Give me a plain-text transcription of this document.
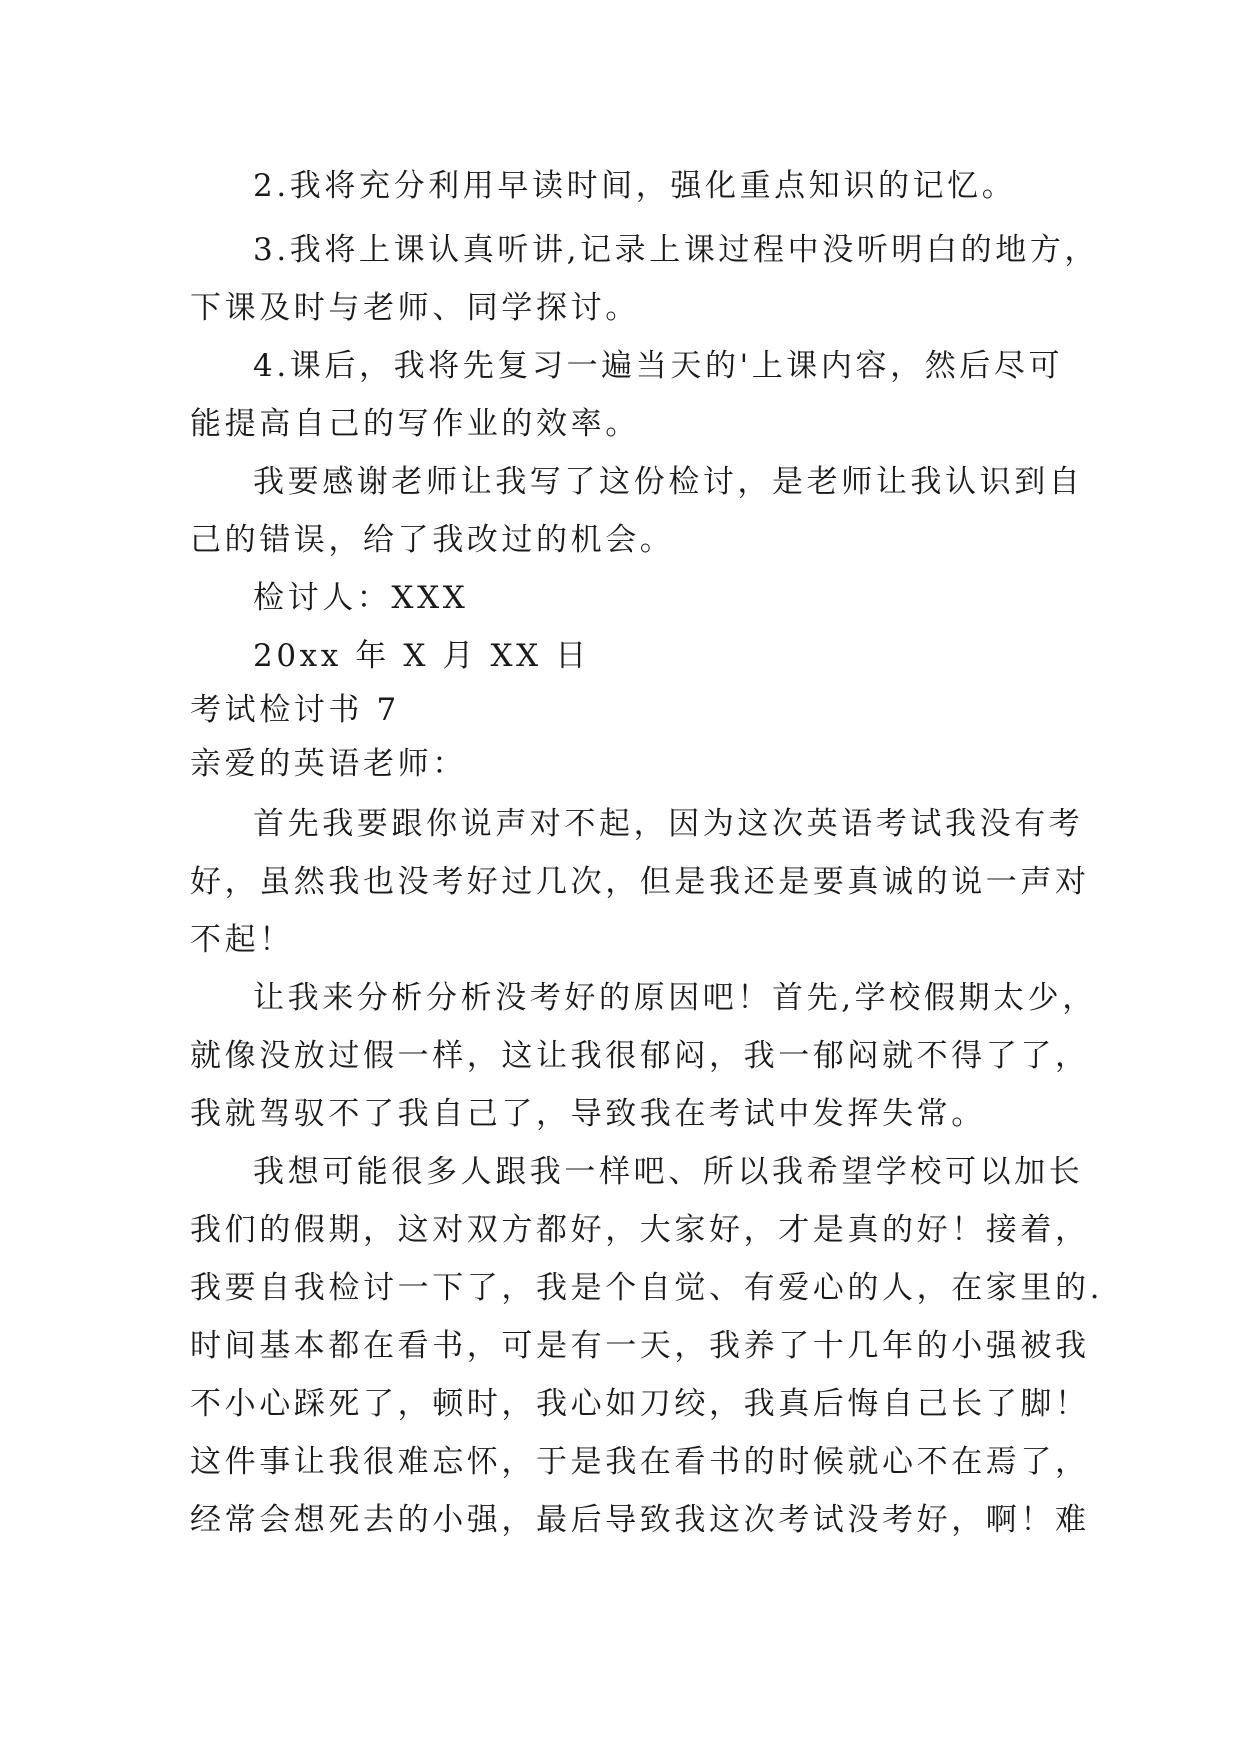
2.我将充分利用早读时间，强化重点知识的记忆。
3.我将上课认真听讲,记录上课过程中没听明白的地方，
下课及时与老师、同学探讨。
4.课后，我将先复习一遍当天的'上课内容，然后尽可
能提高自己的写作业的效率。
我要感谢老师让我写了这份检讨，是老师让我认识到自
己的错误，给了我改过的机会。
检讨人：XXX
20xx 年 X 月 XX 日
考试检讨书 7
亲爱的英语老师：
首先我要跟你说声对不起，因为这次英语考试我没有考
好，虽然我也没考好过几次，但是我还是要真诚的说一声对
不起！
让我来分析分析没考好的原因吧！首先,学校假期太少，
就像没放过假一样，这让我很郁闷，我一郁闷就不得了了，
我就驾驭不了我自己了，导致我在考试中发挥失常。
我想可能很多人跟我一样吧、所以我希望学校可以加长
我们的假期，这对双方都好，大家好，才是真的好！接着，
我要自我检讨一下了，我是个自觉、有爱心的人，在家里的.
时间基本都在看书，可是有一天，我养了十几年的小强被我
不小心踩死了，顿时，我心如刀绞，我真后悔自己长了脚！
这件事让我很难忘怀，于是我在看书的时候就心不在焉了，
经常会想死去的小强，最后导致我这次考试没考好，啊！难
